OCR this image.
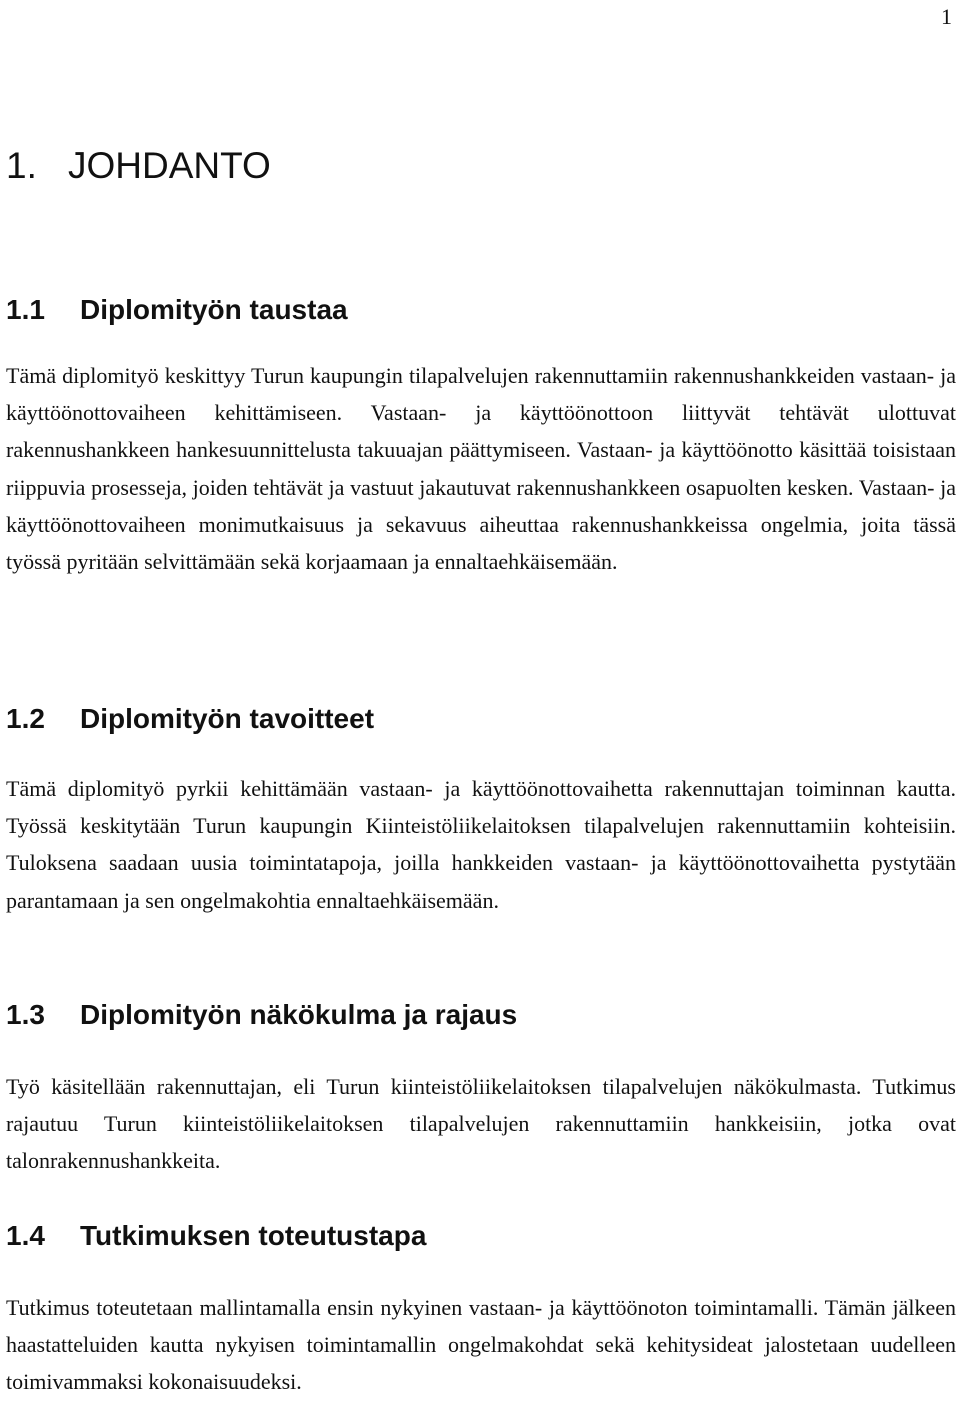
1
1. JOHDANTO
1.1 Diplomityön taustaa

Tämä diplomityö keskittyy Turun kaupungin tilapalvelujen rakennuttamiin rakennushankkeiden vastaan- ja käyttöönottovaiheen kehittämiseen. Vastaan- ja käyttöönottoon liittyvät tehtävät ulottuvat rakennushankkeen hankesuunnittelusta takuuajan päättymiseen. Vastaan- ja käyttöönotto käsittää toisistaan riippuvia prosesseja, joiden tehtävät ja vastuut jakautuvat rakennushankkeen osapuolten kesken. Vastaan- ja käyttöönottovaiheen monimutkaisuus ja sekavuus aiheuttaa rakennushankkeissa ongelmia, joita tässä työssä pyritään selvittämään sekä korjaamaan ja ennaltaehkäisemään.

1.2 Diplomityön tavoitteet

Tämä diplomityö pyrkii kehittämään vastaan- ja käyttöönottovaihetta rakennuttajan toiminnan kautta. Työssä keskitytään Turun kaupungin Kiinteistöliikelaitoksen tilapalvelujen rakennuttamiin kohteisiin. Tuloksena saadaan uusia toimintatapoja, joilla hankkeiden vastaan- ja käyttöönottovaihetta pystytään parantamaan ja sen ongelmakohtia ennaltaehkäisemään.

1.3 Diplomityön näkökulma ja rajaus

Työ käsitellään rakennuttajan, eli Turun kiinteistöliikelaitoksen tilapalvelujen näkökulmasta. Tutkimus rajautuu Turun kiinteistöliikelaitoksen tilapalvelujen rakennuttamiin hankkeisiin, jotka ovat talonrakennushankkeita.

1.4 Tutkimuksen toteutustapa

Tutkimus toteutetaan mallintamalla ensin nykyinen vastaan- ja käyttöönoton toimintamalli. Tämän jälkeen haastatteluiden kautta nykyisen toimintamallin ongelmakohdat sekä kehitysideat jalostetaan uudelleen toimivammaksi kokonaisuudeksi.
